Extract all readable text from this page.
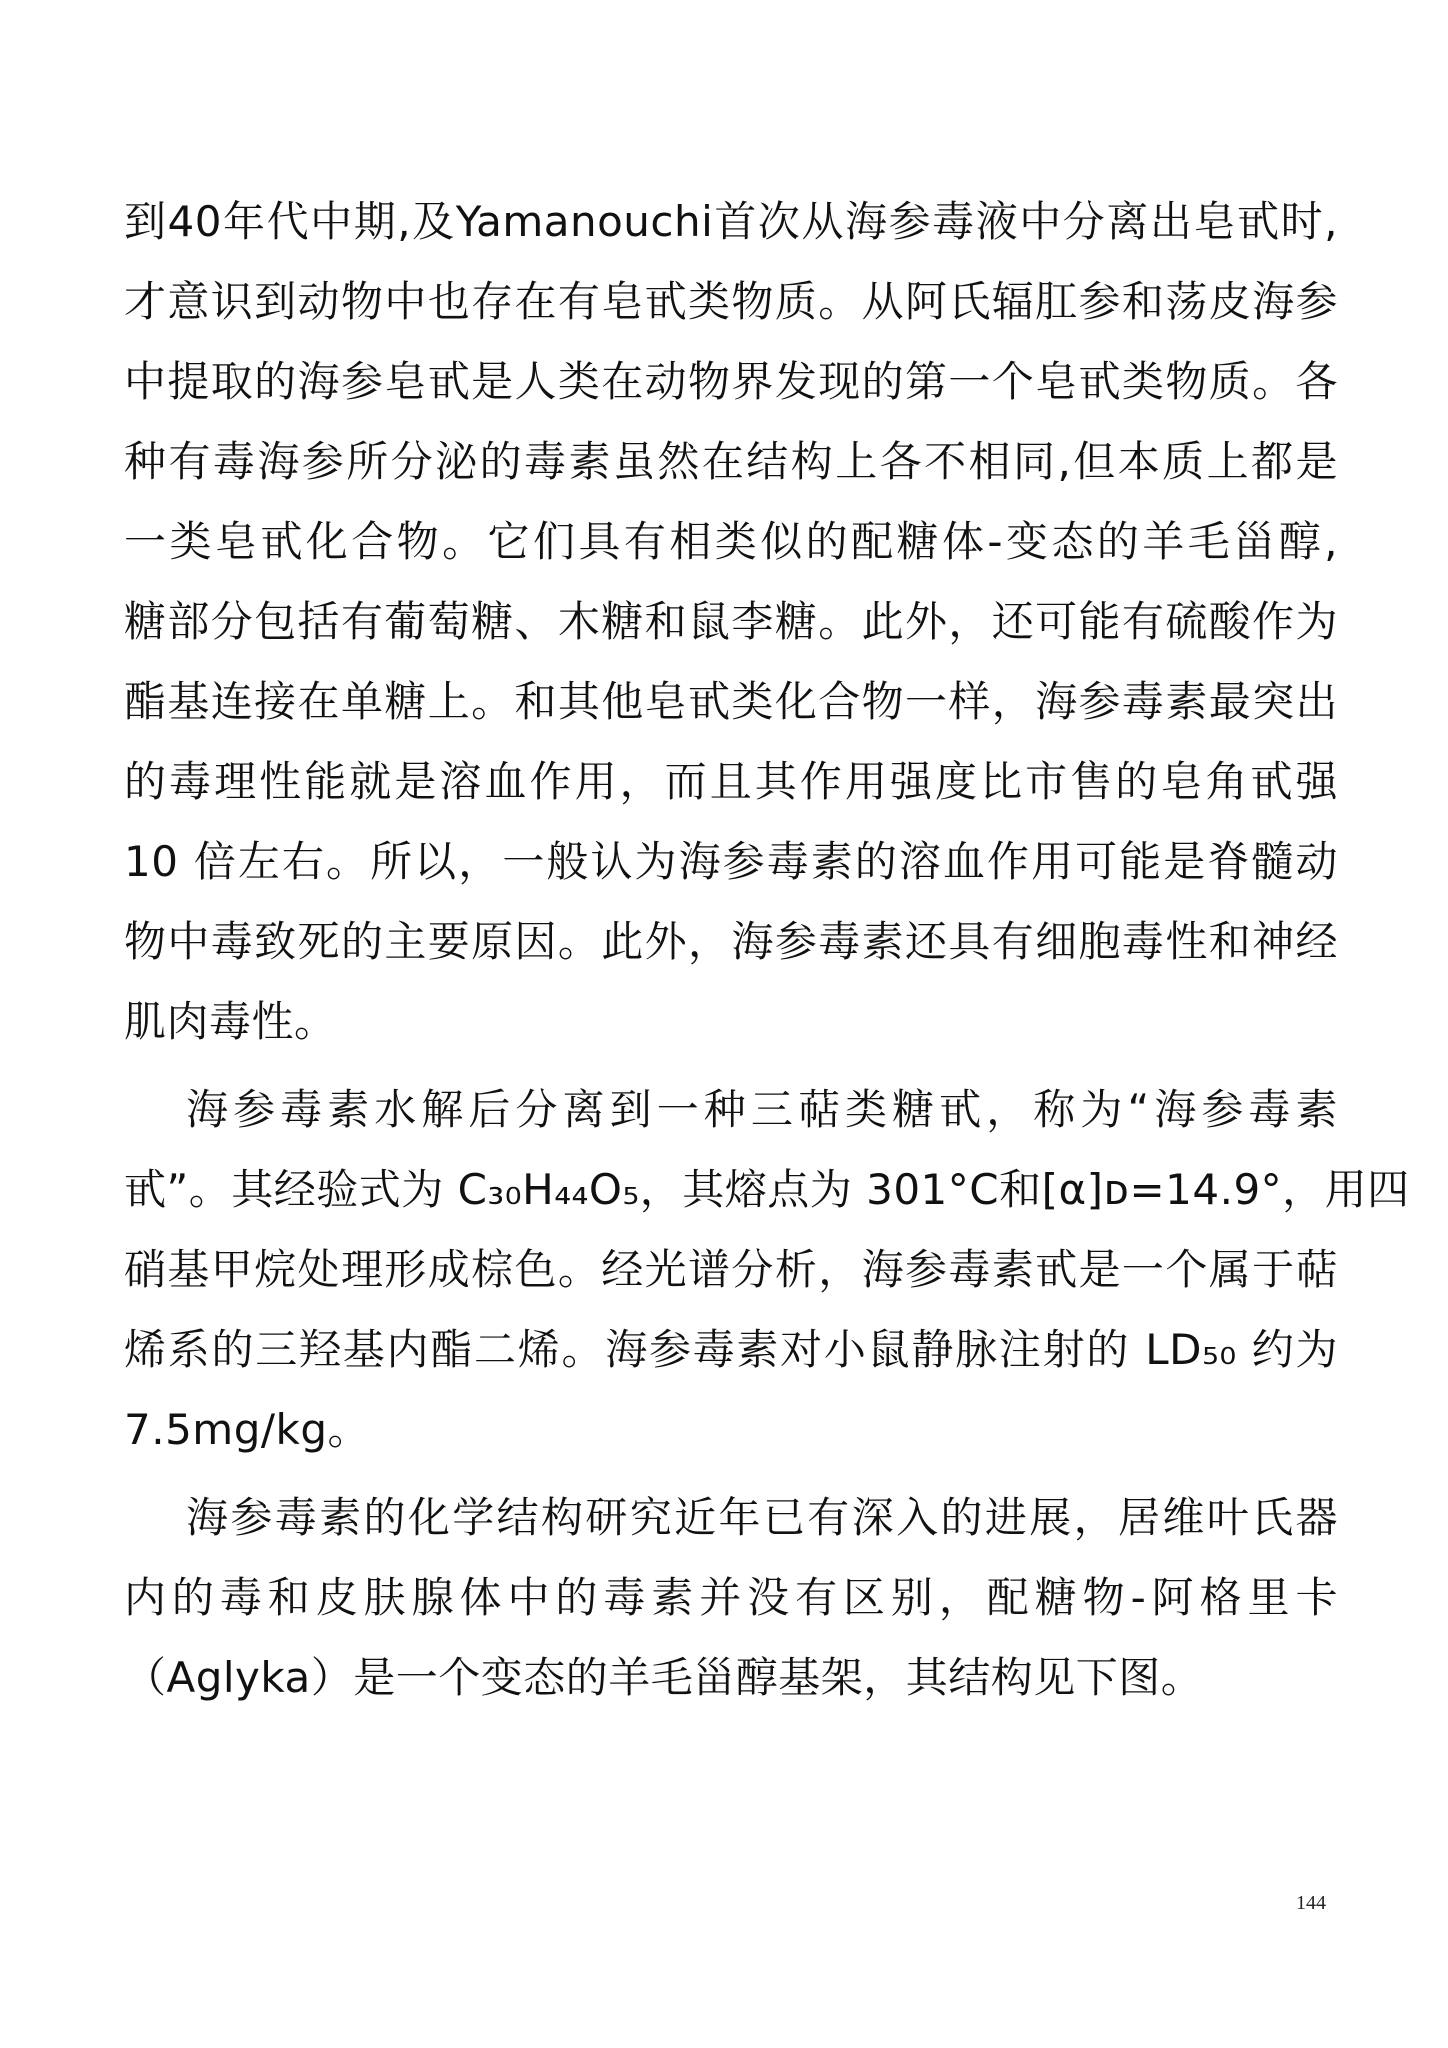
到40年代中期,及Yamanouchi首次从海参毒液中分离出皂甙时,
才意识到动物中也存在有皂甙类物质。从阿氏辐肛参和荡皮海参
中提取的海参皂甙是人类在动物界发现的第一个皂甙类物质。各
种有毒海参所分泌的毒素虽然在结构上各不相同,但本质上都是
一类皂甙化合物。它们具有相类似的配糖体-变态的羊毛甾醇,
糖部分包括有葡萄糖、木糖和鼠李糖。此外，还可能有硫酸作为
酯基连接在单糖上。和其他皂甙类化合物一样，海参毒素最突出
的毒理性能就是溶血作用，而且其作用强度比市售的皂角甙强
10 倍左右。所以，一般认为海参毒素的溶血作用可能是脊髓动
物中毒致死的主要原因。此外，海参毒素还具有细胞毒性和神经
肌肉毒性。
海参毒素水解后分离到一种三萜类糖甙，称为“海参毒素
甙”。其经验式为 C₃₀H₄₄O₅，其熔点为 301°C和[α]ᴅ=14.9°，用四
硝基甲烷处理形成棕色。经光谱分析，海参毒素甙是一个属于萜
烯系的三羟基内酯二烯。海参毒素对小鼠静脉注射的 LD₅₀ 约为
7.5mg/kg。
海参毒素的化学结构研究近年已有深入的进展，居维叶氏器
内的毒和皮肤腺体中的毒素并没有区别，配糖物-阿格里卡
（Aglyka）是一个变态的羊毛甾醇基架，其结构见下图。
144
